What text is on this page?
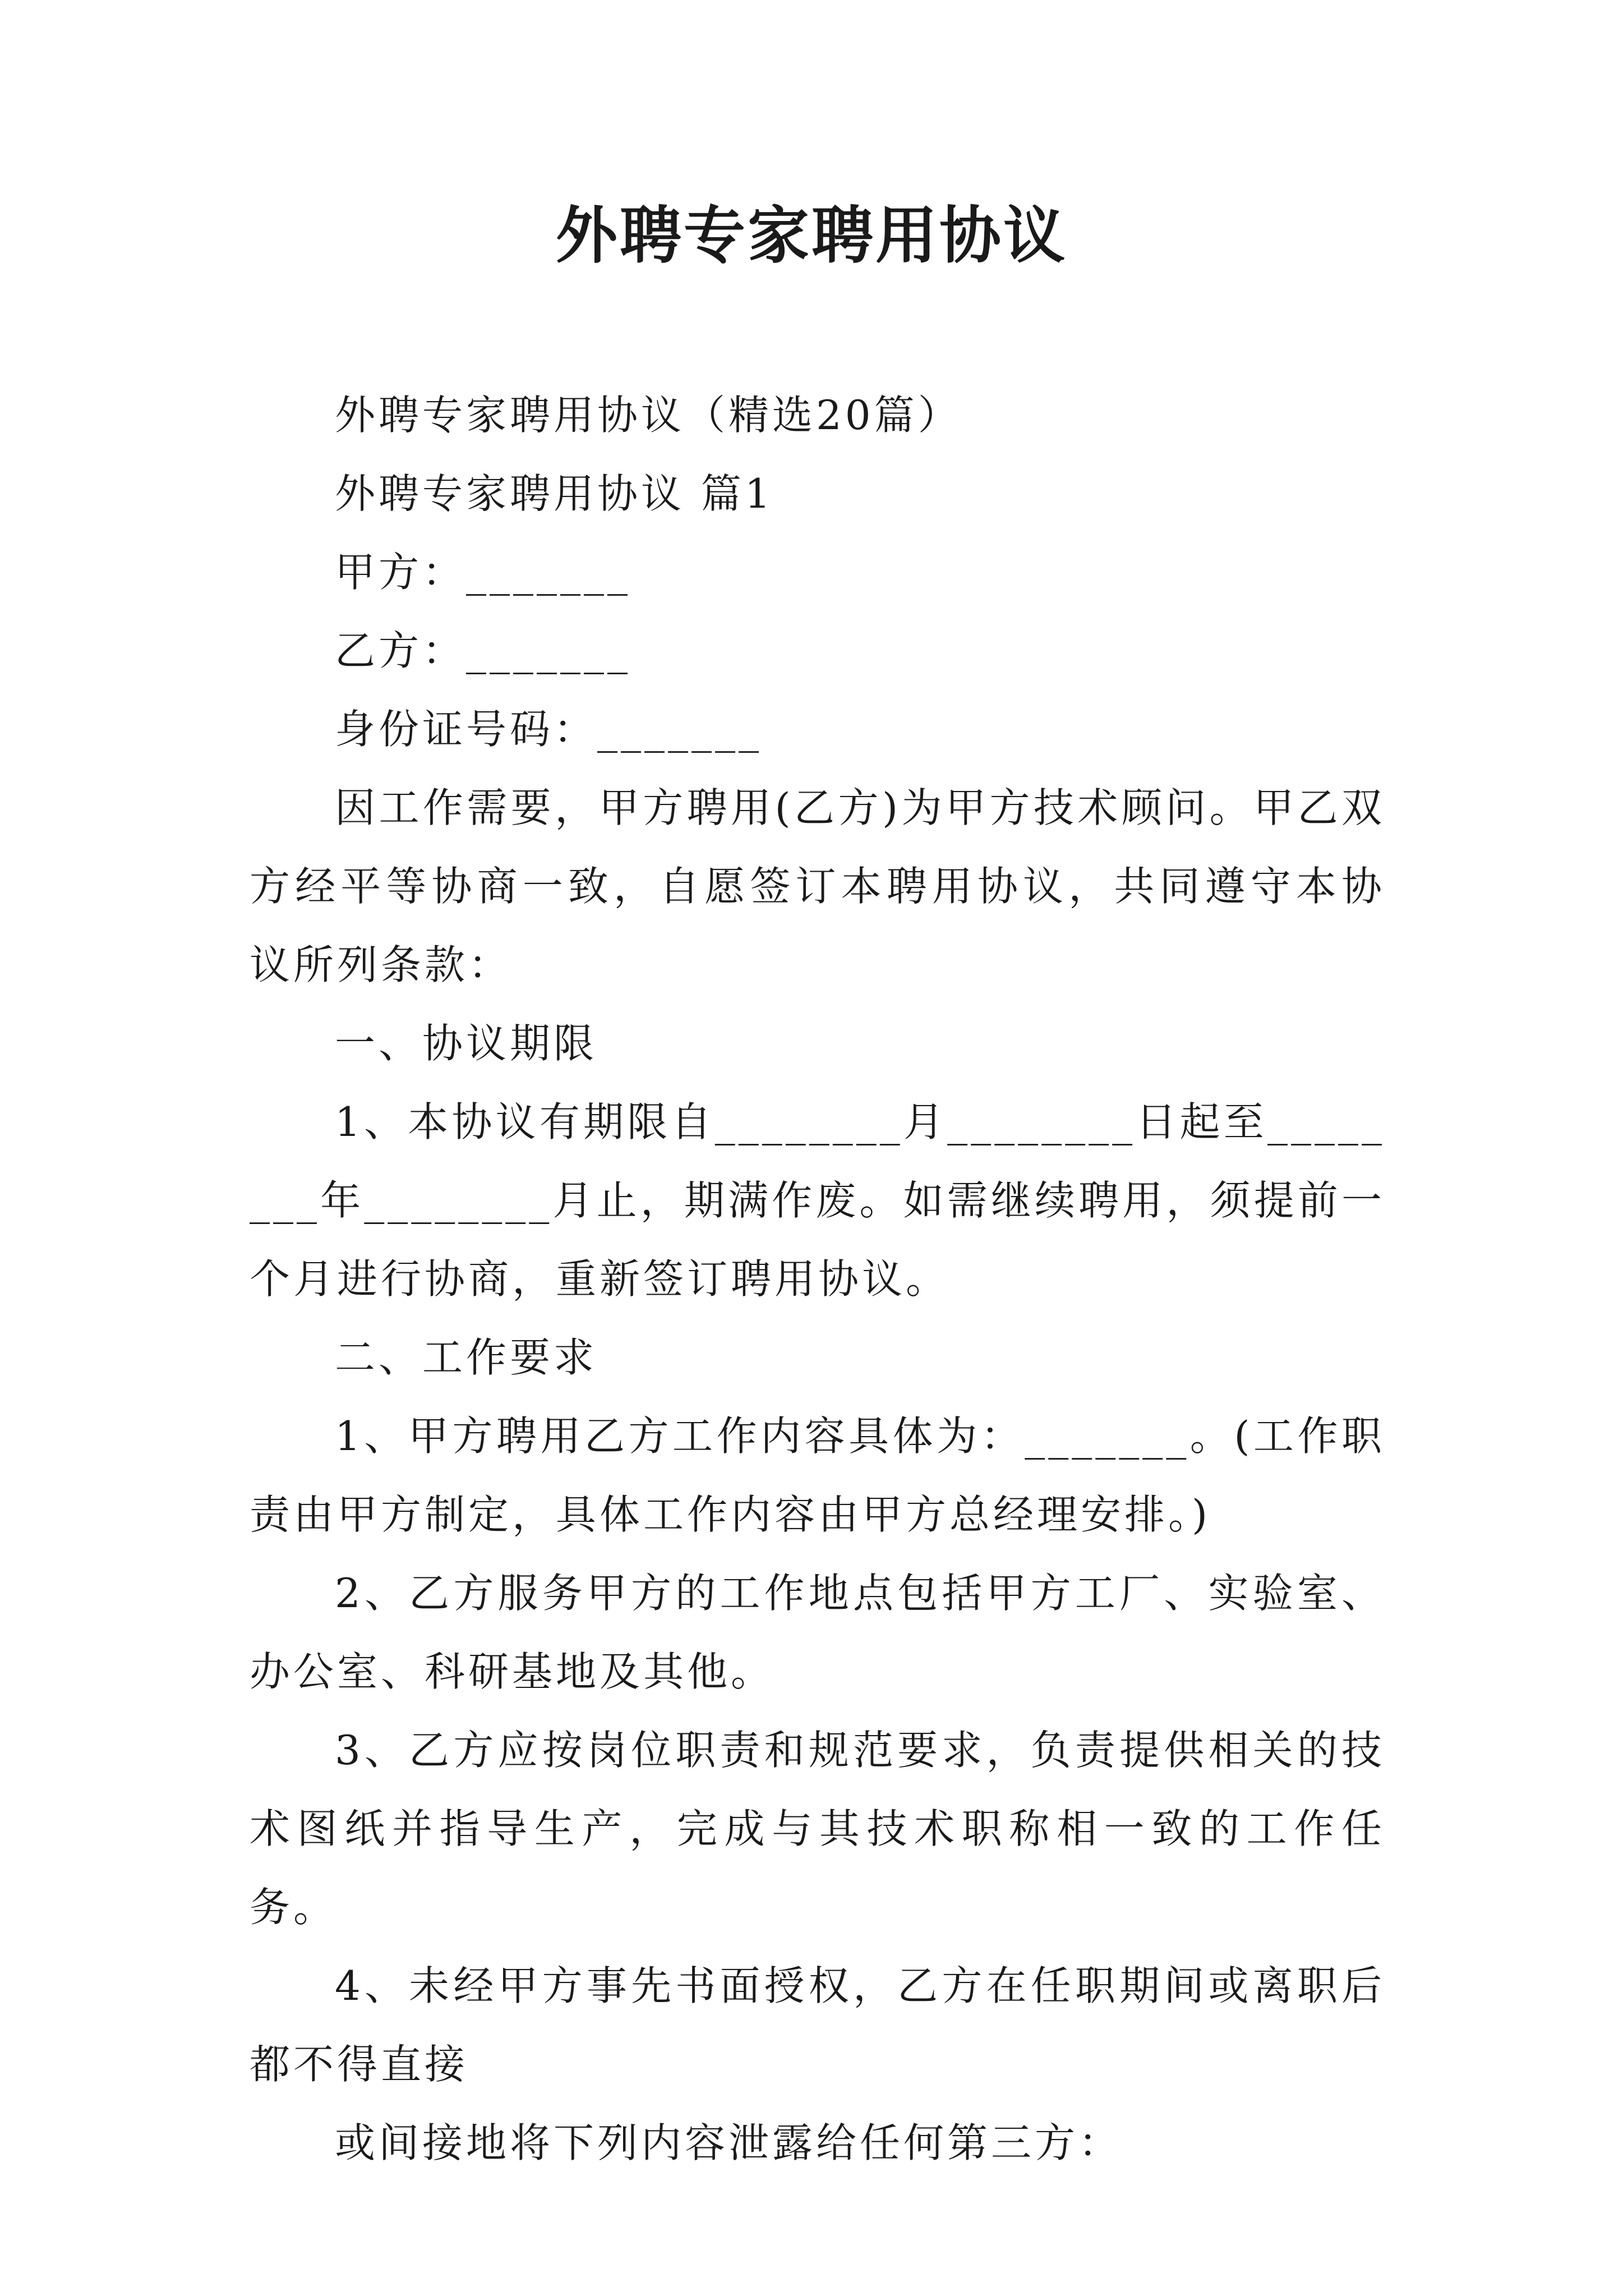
外聘专家聘用协议

外聘专家聘用协议（精选20篇）

外聘专家聘用协议 篇1

甲方：_______

乙方：_______

身份证号码：_______

因工作需要，甲方聘用(乙方)为甲方技术顾问。甲乙双方经平等协商一致，自愿签订本聘用协议，共同遵守本协议所列条款：

一、协议期限

1、本协议有期限自________月________日起至________年________月止，期满作废。如需继续聘用，须提前一个月进行协商，重新签订聘用协议。

二、工作要求

1、甲方聘用乙方工作内容具体为：_______。(工作职责由甲方制定，具体工作内容由甲方总经理安排。)

2、乙方服务甲方的工作地点包括甲方工厂、实验室、办公室、科研基地及其他。

3、乙方应按岗位职责和规范要求，负责提供相关的技术图纸并指导生产，完成与其技术职称相一致的工作任务。

4、未经甲方事先书面授权，乙方在任职期间或离职后都不得直接

或间接地将下列内容泄露给任何第三方：
